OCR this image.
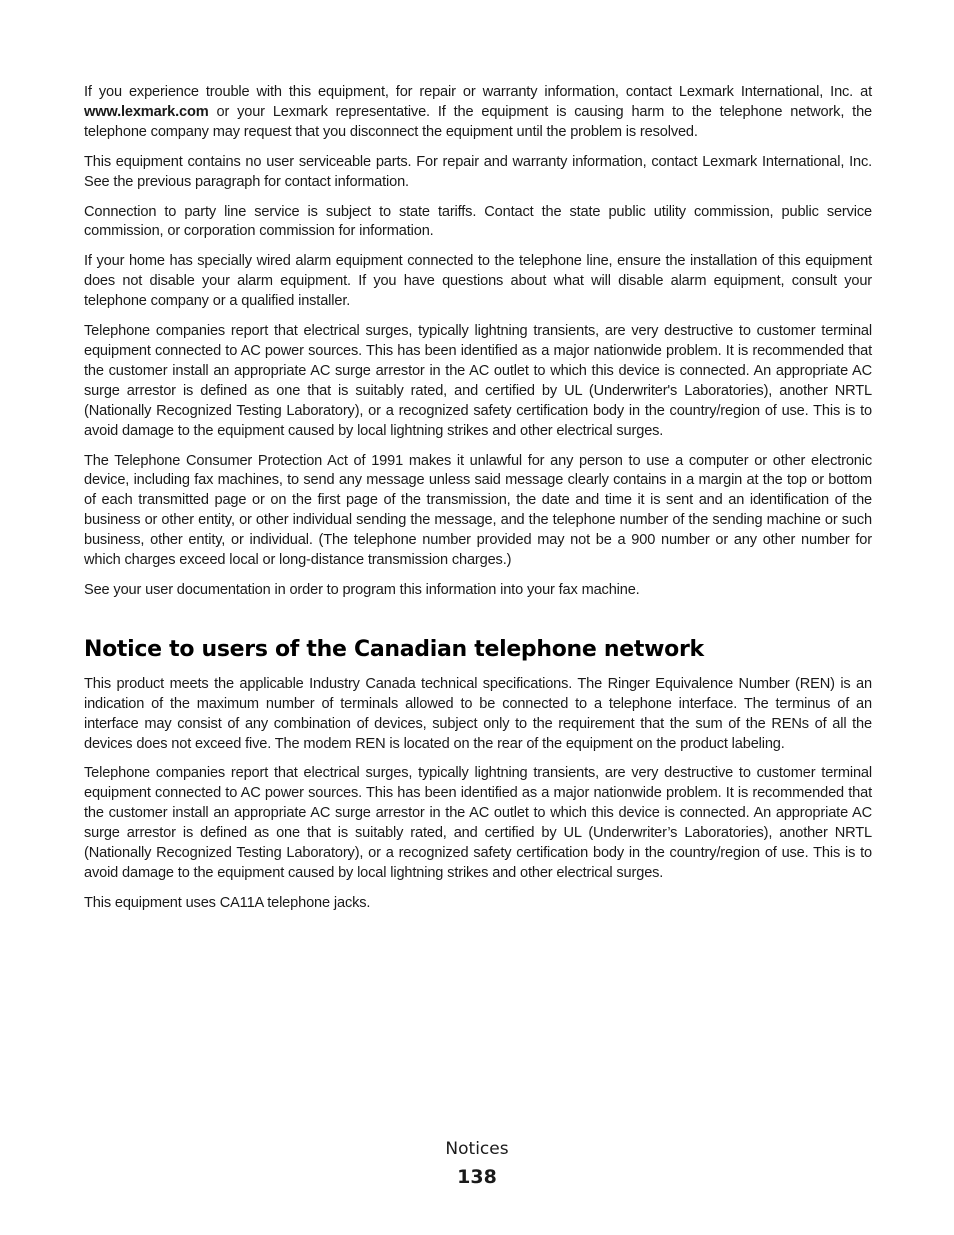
If you experience trouble with this equipment, for repair or warranty information, contact Lexmark International, Inc. at www.lexmark.com or your Lexmark representative. If the equipment is causing harm to the telephone network, the telephone company may request that you disconnect the equipment until the problem is resolved.

This equipment contains no user serviceable parts. For repair and warranty information, contact Lexmark International, Inc. See the previous paragraph for contact information.

Connection to party line service is subject to state tariffs. Contact the state public utility commission, public service commission, or corporation commission for information.

If your home has specially wired alarm equipment connected to the telephone line, ensure the installation of this equipment does not disable your alarm equipment. If you have questions about what will disable alarm equipment, consult your telephone company or a qualified installer.

Telephone companies report that electrical surges, typically lightning transients, are very destructive to customer terminal equipment connected to AC power sources. This has been identified as a major nationwide problem. It is recommended that the customer install an appropriate AC surge arrestor in the AC outlet to which this device is connected. An appropriate AC surge arrestor is defined as one that is suitably rated, and certified by UL (Underwriter's Laboratories), another NRTL (Nationally Recognized Testing Laboratory), or a recognized safety certification body in the country/region of use. This is to avoid damage to the equipment caused by local lightning strikes and other electrical surges.

The Telephone Consumer Protection Act of 1991 makes it unlawful for any person to use a computer or other electronic device, including fax machines, to send any message unless said message clearly contains in a margin at the top or bottom of each transmitted page or on the first page of the transmission, the date and time it is sent and an identification of the business or other entity, or other individual sending the message, and the telephone number of the sending machine or such business, other entity, or individual. (The telephone number provided may not be a 900 number or any other number for which charges exceed local or long-distance transmission charges.)

See your user documentation in order to program this information into your fax machine.

Notice to users of the Canadian telephone network

This product meets the applicable Industry Canada technical specifications. The Ringer Equivalence Number (REN) is an indication of the maximum number of terminals allowed to be connected to a telephone interface. The terminus of an interface may consist of any combination of devices, subject only to the requirement that the sum of the RENs of all the devices does not exceed five. The modem REN is located on the rear of the equipment on the product labeling.

Telephone companies report that electrical surges, typically lightning transients, are very destructive to customer terminal equipment connected to AC power sources. This has been identified as a major nationwide problem. It is recommended that the customer install an appropriate AC surge arrestor in the AC outlet to which this device is connected. An appropriate AC surge arrestor is defined as one that is suitably rated, and certified by UL (Underwriter’s Laboratories), another NRTL (Nationally Recognized Testing Laboratory), or a recognized safety certification body in the country/region of use. This is to avoid damage to the equipment caused by local lightning strikes and other electrical surges.

This equipment uses CA11A telephone jacks.

Notices
138
